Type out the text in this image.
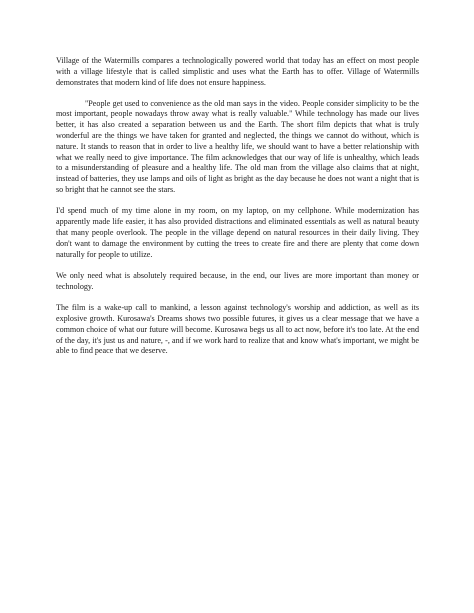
Village of the Watermills compares a technologically powered world that today has an effect on most people with a village lifestyle that is called simplistic and uses what the Earth has to offer. Village of Watermills demonstrates that modern kind of life does not ensure happiness.

"People get used to convenience as the old man says in the video. People consider simplicity to be the most important, people nowadays throw away what is really valuable." While technology has made our lives better, it has also created a separation between us and the Earth. The short film depicts that what is truly wonderful are the things we have taken for granted and neglected, the things we cannot do without, which is nature. It stands to reason that in order to live a healthy life, we should want to have a better relationship with what we really need to give importance. The film acknowledges that our way of life is unhealthy, which leads to a misunderstanding of pleasure and a healthy life. The old man from the village also claims that at night, instead of batteries, they use lamps and oils of light as bright as the day because he does not want a night that is so bright that he cannot see the stars.

I'd spend much of my time alone in my room, on my laptop, on my cellphone. While modernization has apparently made life easier, it has also provided distractions and eliminated essentials as well as natural beauty that many people overlook. The people in the village depend on natural resources in their daily living. They don't want to damage the environment by cutting the trees to create fire and there are plenty that come down naturally for people to utilize.

We only need what is absolutely required because, in the end, our lives are more important than money or technology.

The film is a wake-up call to mankind, a lesson against technology's worship and addiction, as well as its explosive growth. Kurosawa's Dreams shows two possible futures, it gives us a clear message that we have a common choice of what our future will become. Kurosawa begs us all to act now, before it's too late. At the end of the day, it's just us and nature, -, and if we work hard to realize that and know what's important, we might be able to find peace that we deserve.
